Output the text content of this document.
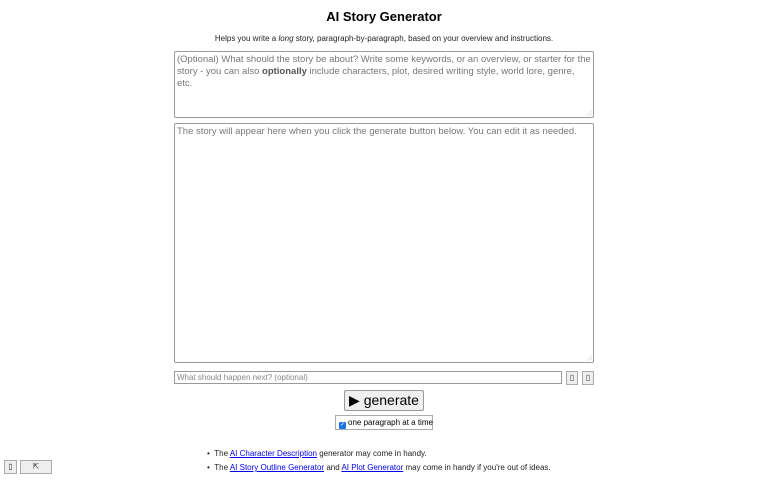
AI Story Generator
Helps you write a long story, paragraph-by-paragraph, based on your overview and instructions.
(Optional) What should the story be about? Write some keywords, or an overview, or starter for the story - you can also optionally include characters, plot, desired writing style, world lore, genre, etc.
The story will appear here when you click the generate button below. You can edit it as needed.
What should happen next? (optional)	▯	▯
▶ generate
✓ one paragraph at a time
•  The AI Character Description generator may come in handy.
•  The AI Story Outline Generator and AI Plot Generator may come in handy if you're out of ideas.
▯	⇱
